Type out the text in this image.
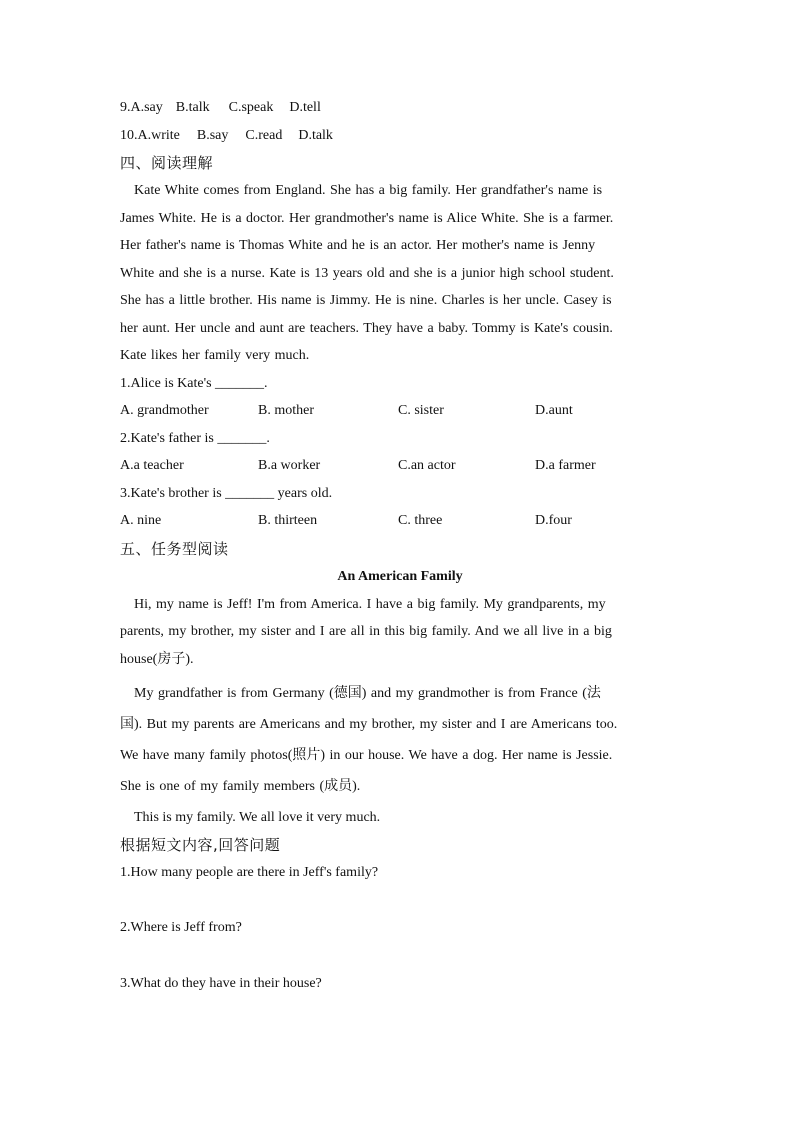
9.A.say B.talk C.speak D.tell
10.A.write B.say C.read D.talk
四、阅读理解
Kate White comes from England. She has a big family. Her grandfather's name is
James White. He is a doctor. Her grandmother's name is Alice White. She is a farmer.
Her father's name is Thomas White and he is an actor. Her mother's name is Jenny
White and she is a nurse. Kate is 13 years old and she is a junior high school student.
She has a little brother. His name is Jimmy. He is nine. Charles is her uncle. Casey is
her aunt. Her uncle and aunt are teachers. They have a baby. Tommy is Kate's cousin.
Kate likes her family very much.
1.Alice is Kate's _______.
A. grandmother	B. mother	C. sister	D.aunt
2.Kate's father is _______.
A.a teacher	B.a worker	C.an actor	D.a farmer
3.Kate's brother is _______ years old.
A. nine	B. thirteen	C. three	D.four
五、任务型阅读
An American Family
Hi, my name is Jeff! I'm from America. I have a big family. My grandparents, my
parents, my brother, my sister and I are all in this big family. And we all live in a big
house(房子).
My grandfather is from Germany (德国) and my grandmother is from France (法
国). But my parents are Americans and my brother, my sister and I are Americans too.
We have many family photos(照片) in our house. We have a dog. Her name is Jessie.
She is one of my family members (成员).
This is my family. We all love it very much.
根据短文内容,回答问题
1.How many people are there in Jeff's family?
2.Where is Jeff from?
3.What do they have in their house?
